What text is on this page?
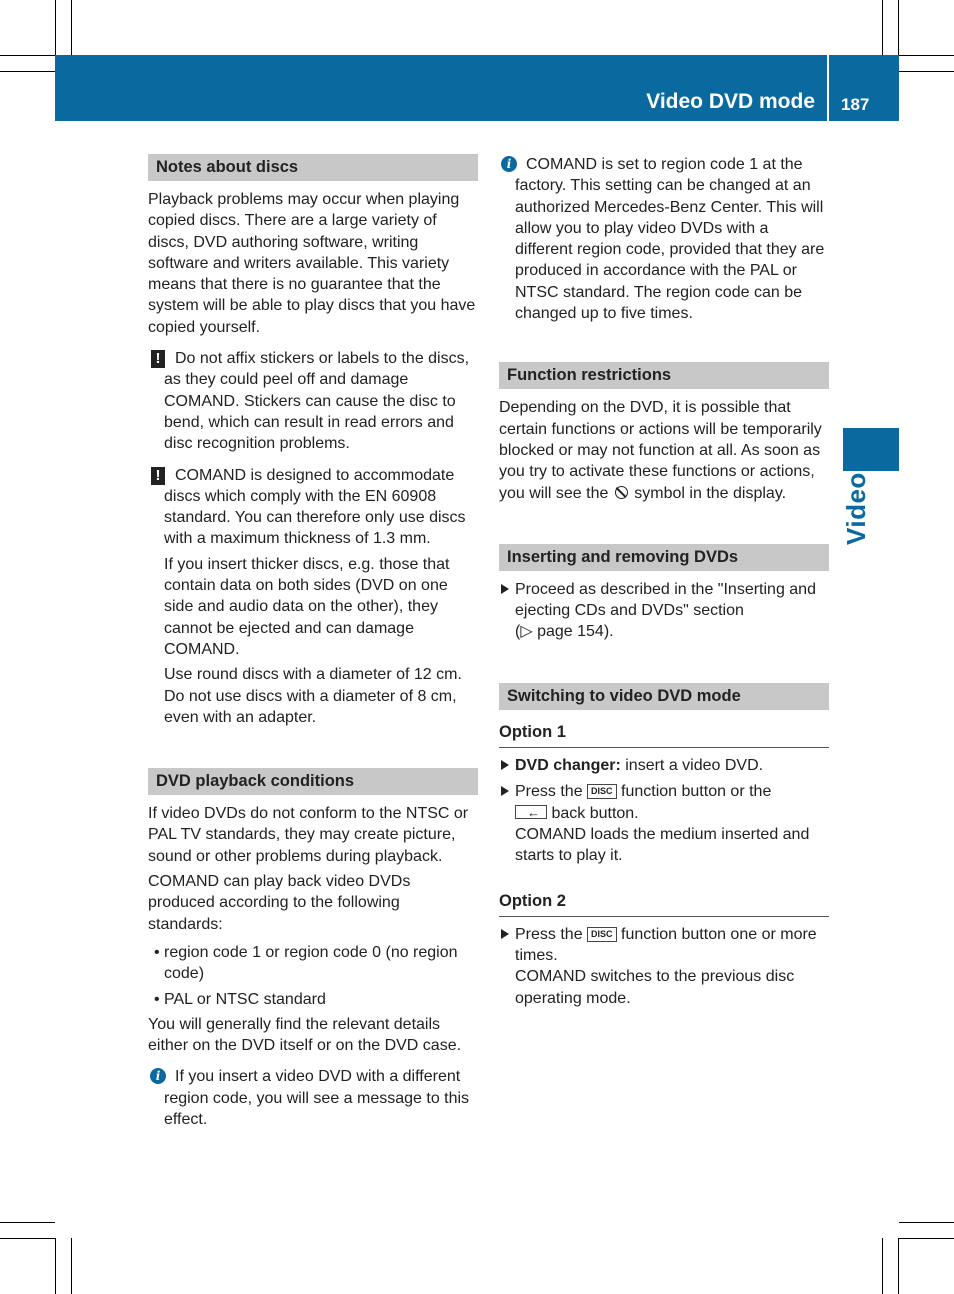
Video DVD mode 187
Video
Notes about discs
Playback problems may occur when playing copied discs. There are a large variety of discs, DVD authoring software, writing software and writers available. This variety means that there is no guarantee that the system will be able to play discs that you have copied yourself.
! Do not affix stickers or labels to the discs, as they could peel off and damage COMAND. Stickers can cause the disc to bend, which can result in read errors and disc recognition problems.
! COMAND is designed to accommodate discs which comply with the EN 60908 standard. You can therefore only use discs with a maximum thickness of 1.3 mm.
If you insert thicker discs, e.g. those that contain data on both sides (DVD on one side and audio data on the other), they cannot be ejected and can damage COMAND.
Use round discs with a diameter of 12 cm. Do not use discs with a diameter of 8 cm, even with an adapter.
DVD playback conditions
If video DVDs do not conform to the NTSC or PAL TV standards, they may create picture, sound or other problems during playback.
COMAND can play back video DVDs produced according to the following standards:
• region code 1 or region code 0 (no region code)
• PAL or NTSC standard
You will generally find the relevant details either on the DVD itself or on the DVD case.
i If you insert a video DVD with a different region code, you will see a message to this effect.
i COMAND is set to region code 1 at the factory. This setting can be changed at an authorized Mercedes-Benz Center. This will allow you to play video DVDs with a different region code, provided that they are produced in accordance with the PAL or NTSC standard. The region code can be changed up to five times.
Function restrictions
Depending on the DVD, it is possible that certain functions or actions will be temporarily blocked or may not function at all. As soon as you try to activate these functions or actions, you will see the symbol in the display.
Inserting and removing DVDs
Proceed as described in the "Inserting and ejecting CDs and DVDs" section
(▷ page 154).
Switching to video DVD mode
Option 1
DVD changer: insert a video DVD.
Press the DISC function button or the
← back button.
COMAND loads the medium inserted and starts to play it.
Option 2
Press the DISC function button one or more times.
COMAND switches to the previous disc operating mode.
